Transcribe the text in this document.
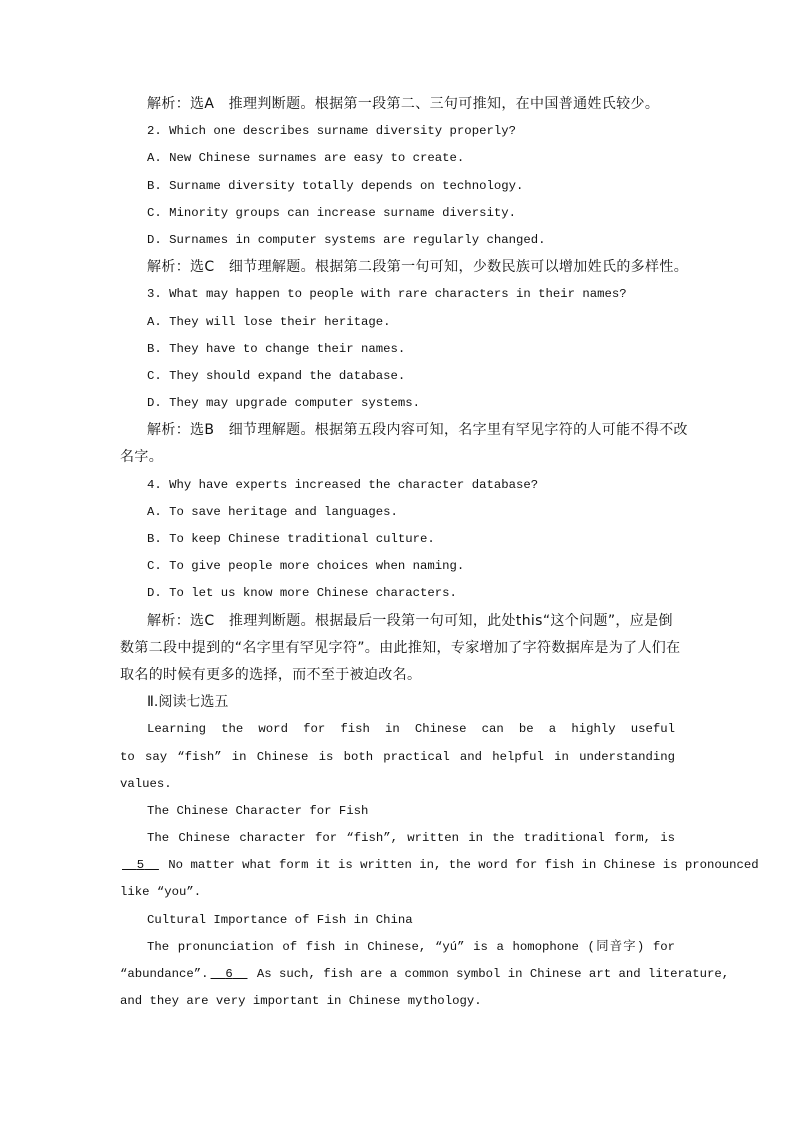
解析：选A　推理判断题。根据第一段第二、三句可推知，在中国普通姓氏较少。
2. Which one describes surname diversity properly?
A. New Chinese surnames are easy to create.
B. Surname diversity totally depends on technology.
C. Minority groups can increase surname diversity.
D. Surnames in computer systems are regularly changed.
解析：选C　细节理解题。根据第二段第一句可知，少数民族可以增加姓氏的多样性。
3. What may happen to people with rare characters in their names?
A. They will lose their heritage.
B. They have to change their names.
C. They should expand the database.
D. They may upgrade computer systems.
解析：选B　细节理解题。根据第五段内容可知，名字里有罕见字符的人可能不得不改
名字。
4. Why have experts increased the character database?
A. To save heritage and languages.
B. To keep Chinese traditional culture.
C. To give people more choices when naming.
D. To let us know more Chinese characters.
解析：选C　推理判断题。根据最后一段第一句可知，此处this“这个问题”，应是倒
数第二段中提到的“名字里有罕见字符”。由此推知，专家增加了字符数据库是为了人们在
取名的时候有更多的选择，而不至于被迫改名。
Ⅱ.阅读七选五
Learning the word for fish in Chinese can be a highly useful
to say “fish” in Chinese is both practical and helpful in understanding
values.
The Chinese Character for Fish
The Chinese character for “fish”, written in the traditional form, is
5   No matter what form it is written in, the word for fish in Chinese is pronounced
like “you”.
Cultural Importance of Fish in China
The pronunciation of fish in Chinese, “yú” is a homophone (同音字) for
“abundance”. 6   As such, fish are a common symbol in Chinese art and literature,
and they are very important in Chinese mythology.
